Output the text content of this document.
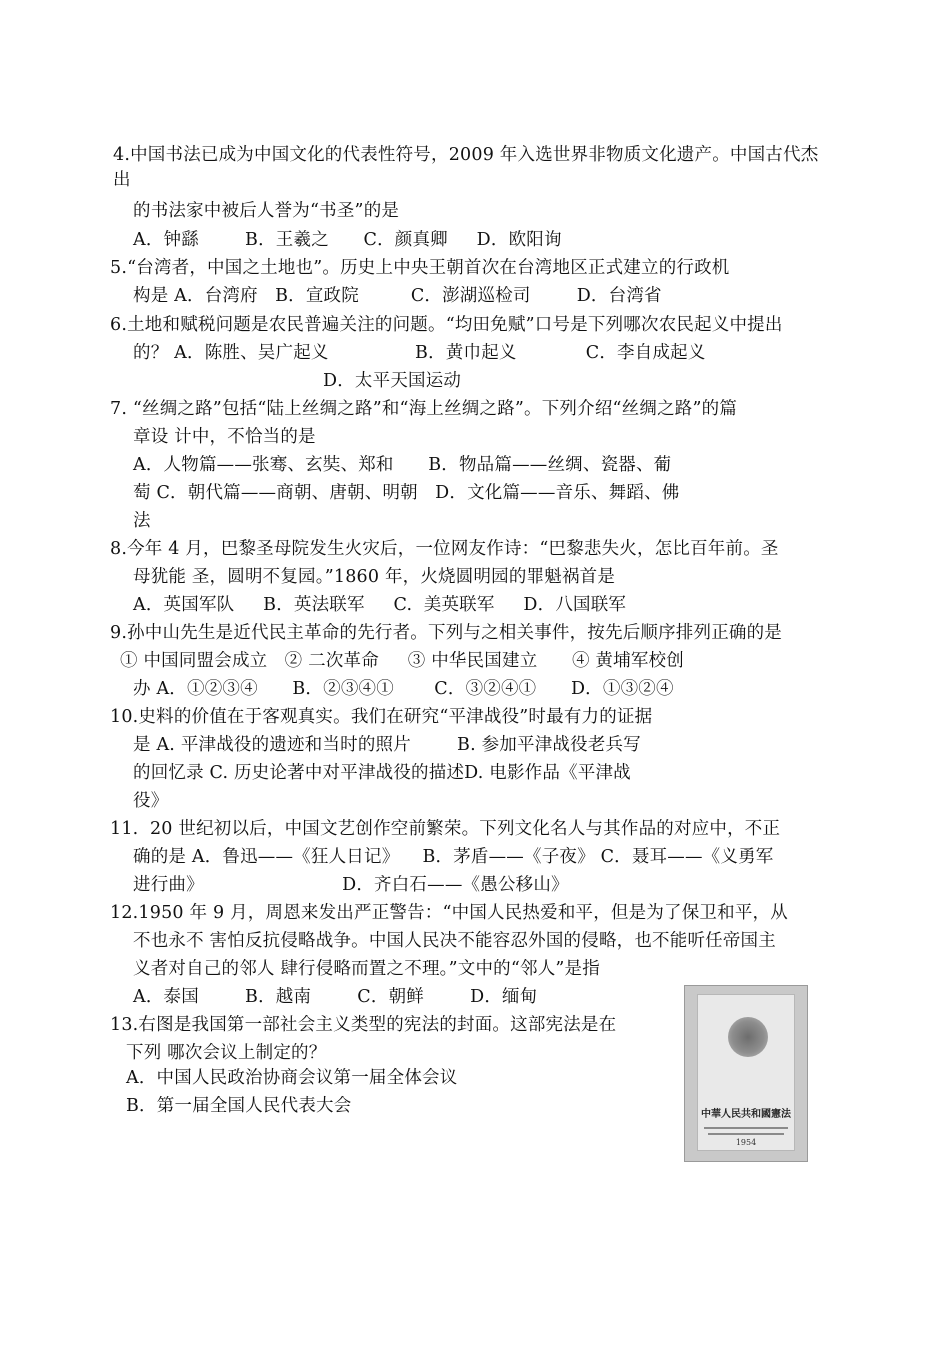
4.中国书法已成为中国文化的代表性符号，2009 年入选世界非物质文化遗产。中国古代杰
出
的书法家中被后人誉为“书圣”的是
A．钟繇        B．王羲之      C．颜真卿     D．欧阳询
5.“台湾者，中国之土地也”。历史上中央王朝首次在台湾地区正式建立的行政机
构是 A．台湾府   B．宣政院         C．澎湖巡检司        D．台湾省
6.土地和赋税问题是农民普遍关注的问题。“均田免赋”口号是下列哪次农民起义中提出
的？ A．陈胜、吴广起义               B．黄巾起义            C．李自成起义
D．太平天国运动
7. “丝绸之路”包括“陆上丝绸之路”和“海上丝绸之路”。下列介绍“丝绸之路”的篇
章设 计中，不恰当的是
A．人物篇——张骞、玄奘、郑和      B．物品篇——丝绸、瓷器、葡
萄 C．朝代篇——商朝、唐朝、明朝   D．文化篇——音乐、舞蹈、佛
法
8.今年 4 月，巴黎圣母院发生火灾后，一位网友作诗：“巴黎悲失火，怎比百年前。圣
母犹能 圣，圆明不复园。”1860 年，火烧圆明园的罪魁祸首是
A．英国军队     B．英法联军     C.  美英联军     D．八国联军
9.孙中山先生是近代民主革命的先行者。下列与之相关事件，按先后顺序排列正确的是
① 中国同盟会成立   ② 二次革命     ③ 中华民国建立      ④ 黄埔军校创
办 A．①②③④      B．②③④①       C．③②④①      D．①③②④
10.史料的价值在于客观真实。我们在研究“平津战役”时最有力的证据
是 A. 平津战役的遗迹和当时的照片        B. 参加平津战役老兵写
的回忆录 C. 历史论著中对平津战役的描述D. 电影作品《平津战
役》
11.  20 世纪初以后，中国文艺创作空前繁荣。下列文化名人与其作品的对应中，不正
确的是 A．鲁迅——《狂人日记》    B．茅盾——《子夜》 C．聂耳——《义勇军
进行曲》                        D．齐白石——《愚公移山》
12.1950 年 9 月，周恩来发出严正警告：“中国人民热爱和平，但是为了保卫和平，从
不也永不 害怕反抗侵略战争。中国人民决不能容忍外国的侵略，也不能听任帝国主
义者对自己的邻人 肆行侵略而置之不理。”文中的“邻人”是指
A．泰国        B．越南        C．朝鲜        D．缅甸
13.右图是我国第一部社会主义类型的宪法的封面。这部宪法是在
下列 哪次会议上制定的？
A．中国人民政治协商会议第一届全体会议
B．第一届全国人民代表大会	中華人民共和國憲法
1954
